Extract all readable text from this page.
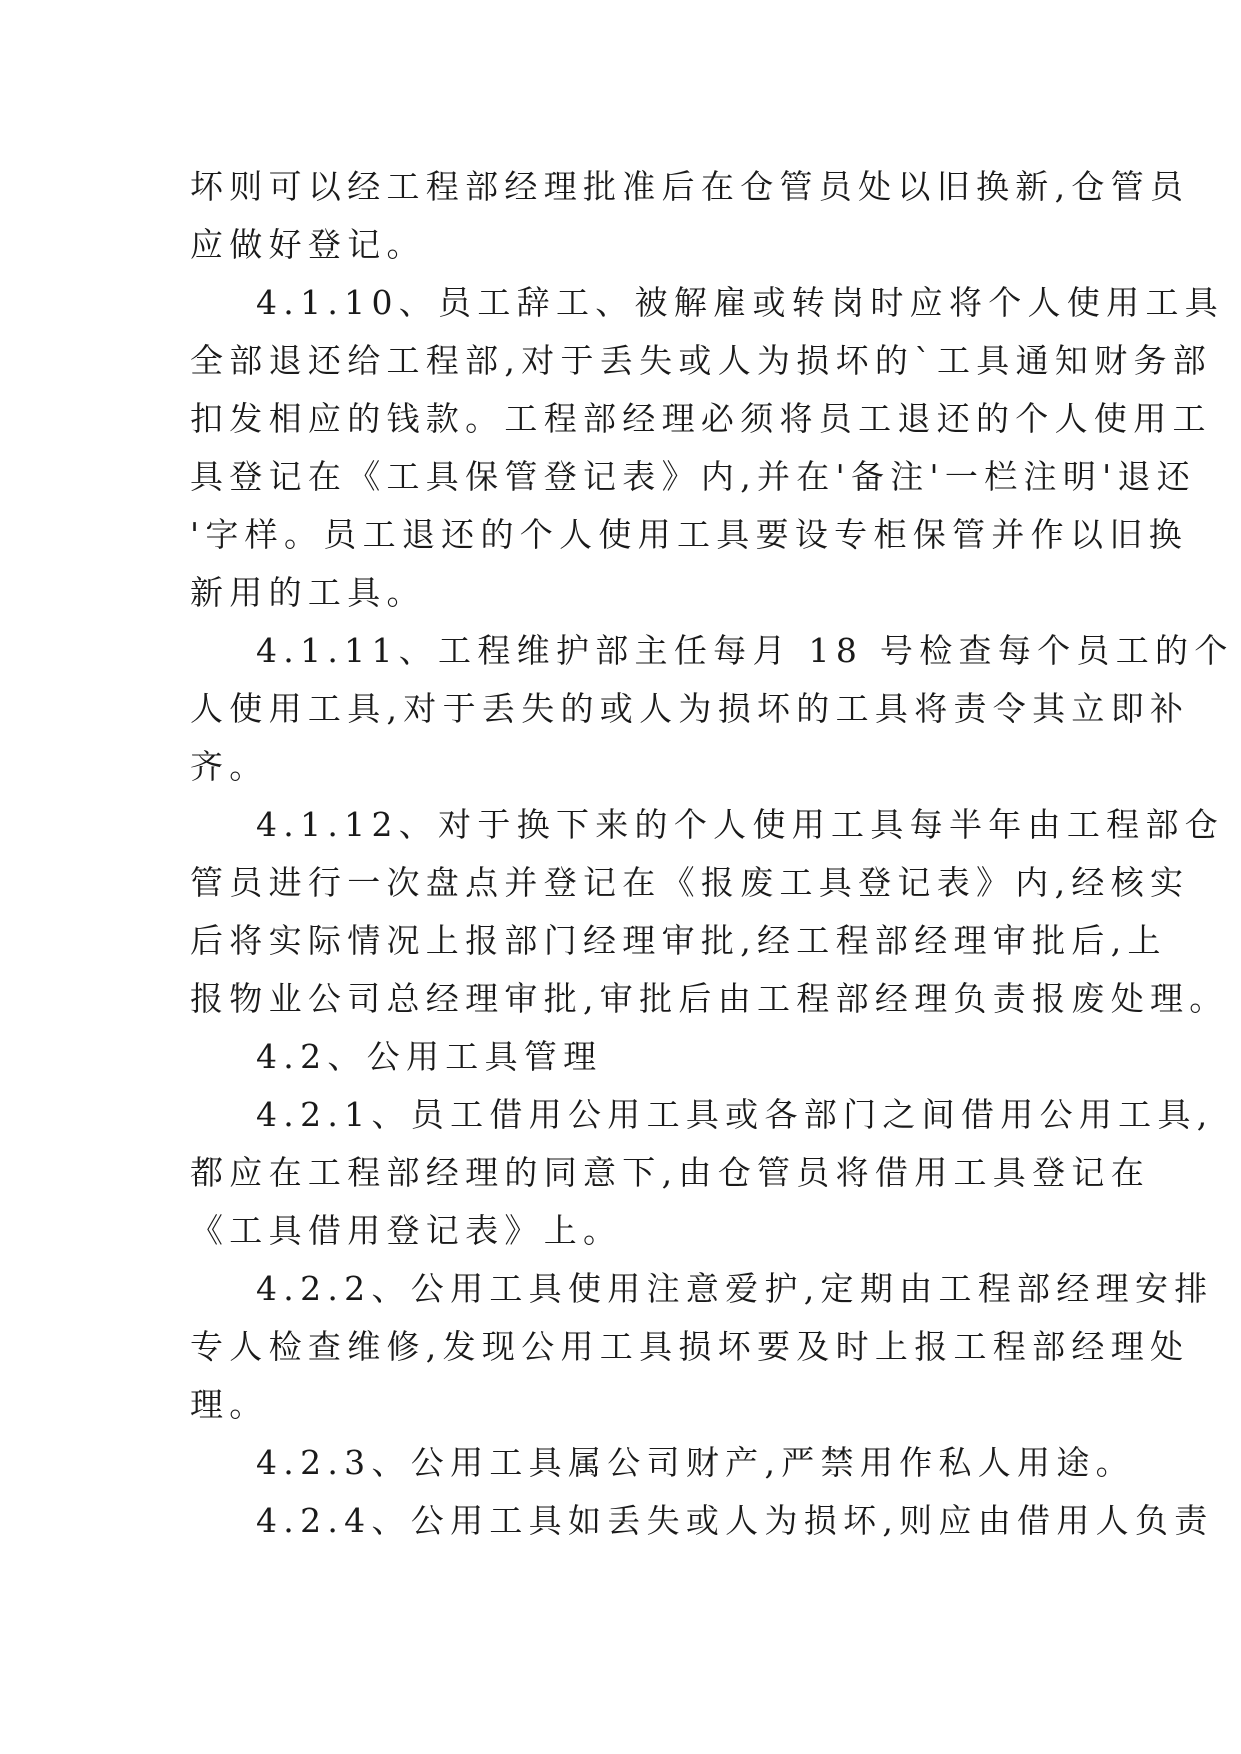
坏则可以经工程部经理批准后在仓管员处以旧换新,仓管员
应做好登记。
4.1.10、员工辞工、被解雇或转岗时应将个人使用工具
全部退还给工程部,对于丢失或人为损坏的`工具通知财务部
扣发相应的钱款。工程部经理必须将员工退还的个人使用工
具登记在《工具保管登记表》内,并在'备注'一栏注明'退还
'字样。员工退还的个人使用工具要设专柜保管并作以旧换
新用的工具。
4.1.11、工程维护部主任每月 18 号检查每个员工的个
人使用工具,对于丢失的或人为损坏的工具将责令其立即补
齐。
4.1.12、对于换下来的个人使用工具每半年由工程部仓
管员进行一次盘点并登记在《报废工具登记表》内,经核实
后将实际情况上报部门经理审批,经工程部经理审批后,上
报物业公司总经理审批,审批后由工程部经理负责报废处理。
4.2、公用工具管理
4.2.1、员工借用公用工具或各部门之间借用公用工具,
都应在工程部经理的同意下,由仓管员将借用工具登记在
《工具借用登记表》上。
4.2.2、公用工具使用注意爱护,定期由工程部经理安排
专人检查维修,发现公用工具损坏要及时上报工程部经理处
理。
4.2.3、公用工具属公司财产,严禁用作私人用途。
4.2.4、公用工具如丢失或人为损坏,则应由借用人负责
